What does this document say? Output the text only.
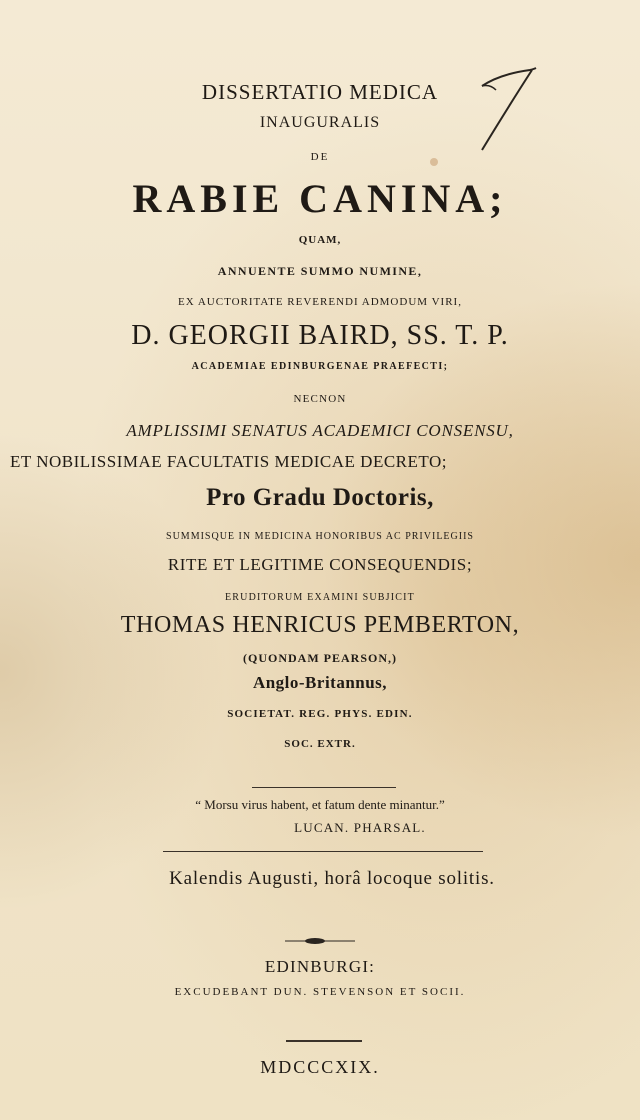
DISSERTATIO MEDICA
INAUGURALIS
DE
RABIE CANINA;
QUAM,
ANNUENTE SUMMO NUMINE,
EX AUCTORITATE REVERENDI ADMODUM VIRI,
D. GEORGII BAIRD, SS. T. P.
ACADEMIAE EDINBURGENAE PRAEFECTI;
NECNON
AMPLISSIMI SENATUS ACADEMICI CONSENSU,
ET NOBILISSIMAE FACULTATIS MEDICAE DECRETO;
Pro Gradu Doctoris,
SUMMISQUE IN MEDICINA HONORIBUS AC PRIVILEGIIS
RITE ET LEGITIME CONSEQUENDIS;
ERUDITORUM EXAMINI SUBJICIT
THOMAS HENRICUS PEMBERTON,
(QUONDAM PEARSON,)
Anglo-Britannus,
SOCIETAT. REG. PHYS. EDIN.
SOC. EXTR.
“ Morsu virus habent, et fatum dente minantur.”
LUCAN. PHARSAL.
Kalendis Augusti, horâ locoque solitis.
EDINBURGI:
EXCUDEBANT DUN. STEVENSON ET SOCII.
MDCCCXIX.
